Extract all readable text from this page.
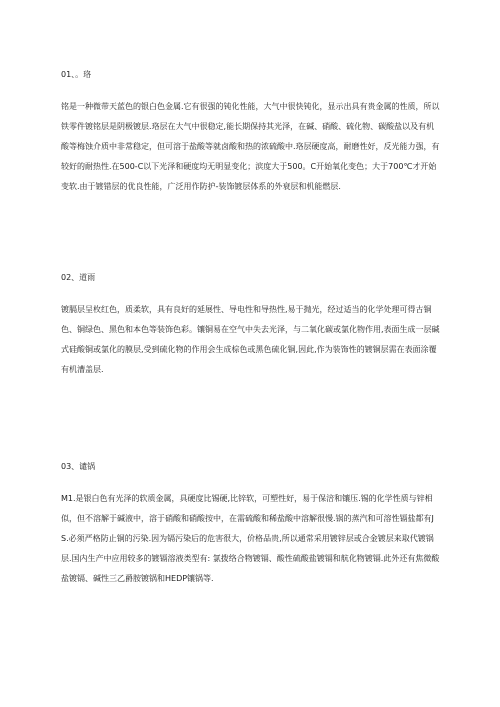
01、。珞
铭是一种微带天蓝色的银白色金属.它有很强的钝化性能，大气中很快钝化，显示出具有贵金属的性质，所以铁零件镀铭层是阴极镀层.珞层在大气中很稳定,能长期保持其光泽，在碱、硝酸、硫化物、碳酸盐以及有机酸等梅蚀介质中非常稳定，但可溶于盐酸等就卤酸和热的浓硫酸中.珞层硬度高，耐磨性好，反光能力强，有较好的耐热性.在500-C以下光泽和硬度均无明显变化；滨度大于500。C开始氧化变色；大于700℃才开始变软.由于镀错层的优良性能，广泛用作防护-装饰镀层体系的外衰层和机能燃层.
02、道雨
镀膈层呈枚红色，质柔软，具有良好的延展性、导电性和导热性,易于抛光，经过适当的化学处理可得古铜色、铜绿色、黑色和本色等装饰色彩。镶铜易在空气中失去光泽，与二氧化碳或氯化物作用,表面生成一层碱式硅酸铜或氯化的膜层,受到硫化物的作用会生成棕色或黑色硫化铜,因此,作为装饰性的镀铜层需在表面涂覆有机漕盖层.
03、谴锅
M1.是银白色有光泽的软质金属，具硬度比锡硬,比锌软，可塑性好，易于保涪和镶压.锡的化学性质与锌相似，但不溶解于碱液中，溶于硝酸和硝酸按中，在需硫酸和稀盐酸中溶解很慢.锅的蒸汽和可溶性镉盐都有JS.必须严格防止铜的污染.因为镉污染后的危害很大，价格品贵,所以通常采用镀锌层或合金镀层来取代镀锅层.国内生产中应用较多的镀镉溶液类型有: 氯拨络合物镀镉、酸性硫酸盐镀镉和航化物镀镉.此外还有焦微酸盐镀镉、碱性三乙爵胺镀锅和HEDP镶锅等.
